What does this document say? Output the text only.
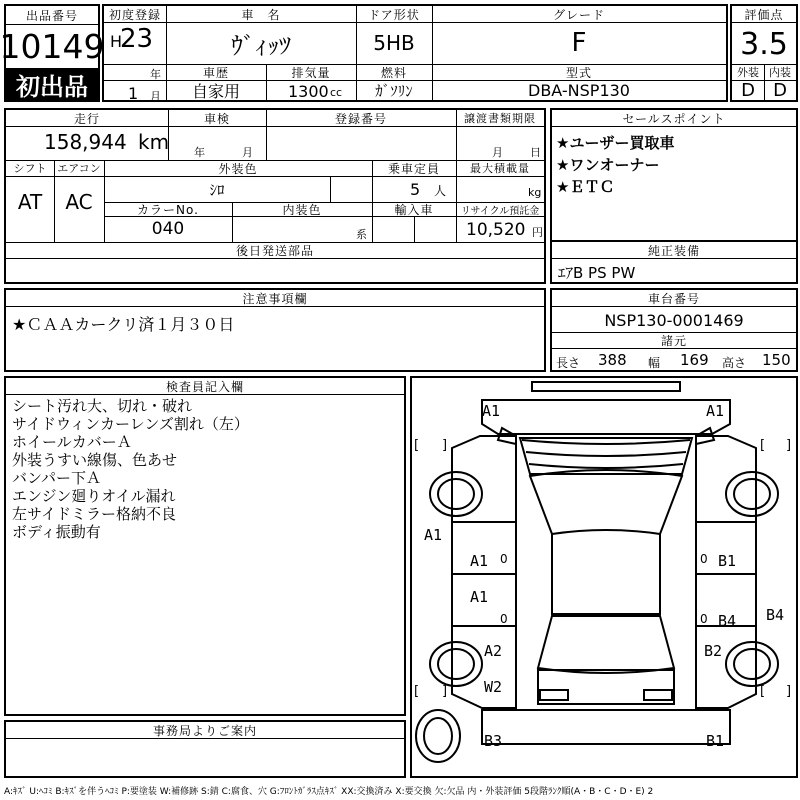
出品番号
10149
初出品
初度登録
H
23
年
1 月
車　名
ｳﾞｨｯﾂ
車歴
自家用
排気量
1300 cc
ドア形状
5HB
燃料
ｶﾞｿﾘﾝ
グレード
F
型式
DBA-NSP130
評価点
3.5
外装 内装
D	D
走行
158,944 km
車検
年	月
登録番号	譲渡書類期限
月 日
シフト
AT
エアコン
AC
外装色
ｼﾛ
乗車定員
5 人
最大積載量
kg
カラーNo.
040
内装色
系
輸入車	リサイクル預託金
10,520 円
後日発送部品
セールスポイント
★ユーザー買取車
★ワンオーナー
★ＥＴＣ
純正装備
ｴｱB PS PW
注意事項欄
★ＣＡＡカークリ済１月３０日
車台番号
NSP130-0001469
諸元
長さ 388 幅 169 高さ 150
検査員記入欄
シート汚れ大、切れ・破れ
サイドウィンカーレンズ割れ（左）
ホイールカバーＡ
外装うすい線傷、色あせ
バンパー下Ａ
エンジン廻りオイル漏れ
左サイドミラー格納不良
ボディ振動有
事務局よりご案内
[ ]	[ ]
[ ]	[ ]
0
0
0
0
A1	A1
A1
A1
A1
B1
B4
B4
A2	B2
W2
B3	B1
A:ｷｽﾞ U:ﾍｺﾐ B:ｷｽﾞを伴うﾍｺﾐ P:要塗装 W:補修跡 S:錆 C:腐食、穴 G:ﾌﾛﾝﾄｶﾞﾗｽ点ｷｽﾞ XX:交換済み X:要交換 欠:欠品 内・外装評価 5段階ﾗﾝｸ順(A・B・C・D・E) 2
